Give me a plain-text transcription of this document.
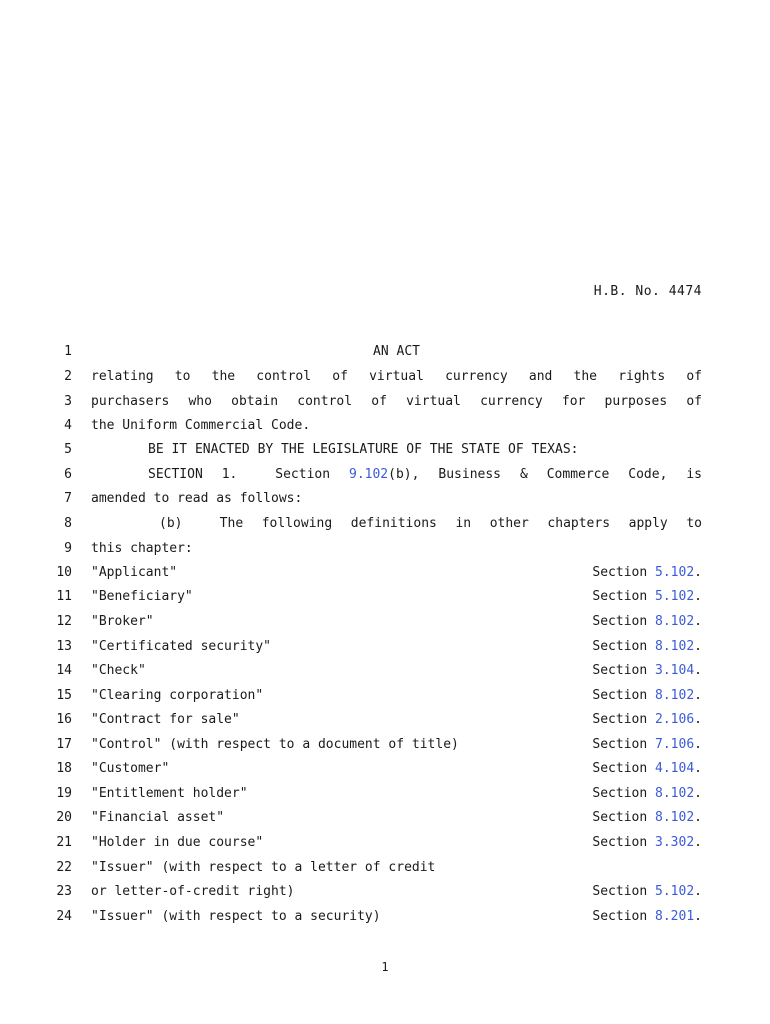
H.B. No. 4474
1	AN ACT
2 relating to the control of virtual currency and the rights of
3 purchasers who obtain control of virtual currency for purposes of
4 the Uniform Commercial Code.
5	BE IT ENACTED BY THE LEGISLATURE OF THE STATE OF TEXAS:
6	SECTION 1.  Section 9.102(b), Business & Commerce Code, is
7 amended to read as follows:
8	(b)  The following definitions in other chapters apply to
9 this chapter:
10 "Applicant"	Section 5.102.
11 "Beneficiary"	Section 5.102.
12 "Broker"	Section 8.102.
13 "Certificated security"	Section 8.102.
14 "Check"	Section 3.104.
15 "Clearing corporation"	Section 8.102.
16 "Contract for sale"	Section 2.106.
17 "Control" (with respect to a document of title)	Section 7.106.
18 "Customer"	Section 4.104.
19 "Entitlement holder"	Section 8.102.
20 "Financial asset"	Section 8.102.
21 "Holder in due course"	Section 3.302.
22 "Issuer" (with respect to a letter of credit
23 or letter-of-credit right)	Section 5.102.
24 "Issuer" (with respect to a security)	Section 8.201.
1
